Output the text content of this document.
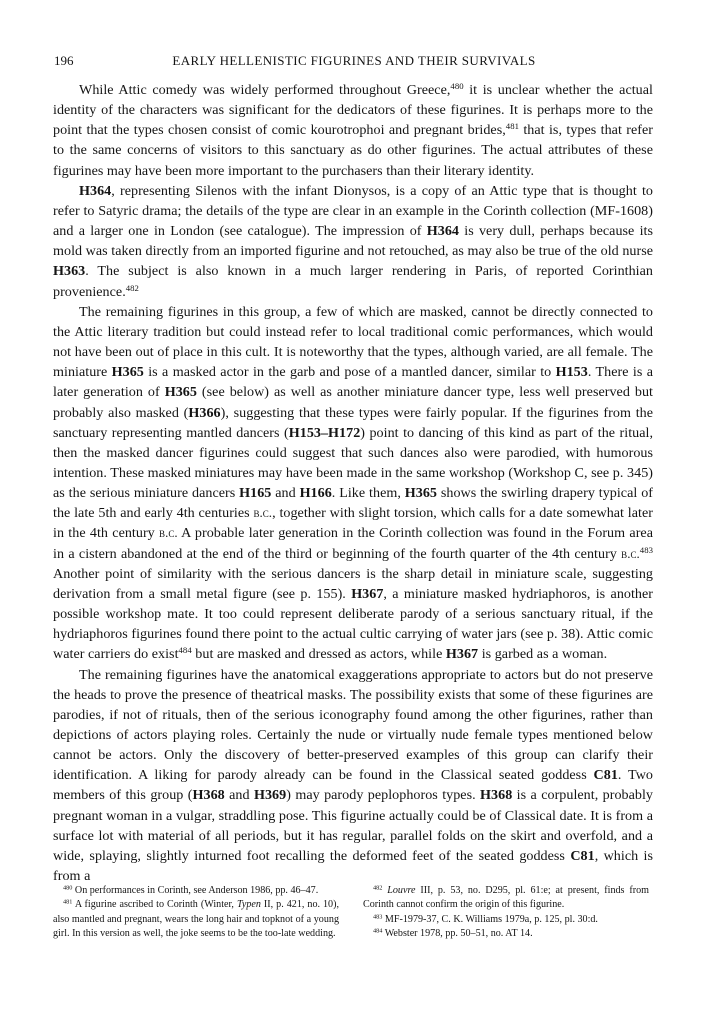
196	EARLY HELLENISTIC FIGURINES AND THEIR SURVIVALS

While Attic comedy was widely performed throughout Greece,$^{480}$ it is unclear whether the actual identity of the characters was significant for the dedicators of these figurines. It is perhaps more to the point that the types chosen consist of comic kourotrophoi and pregnant brides,$^{481}$ that is, types that refer to the same concerns of visitors to this sanctuary as do other figurines. The actual attributes of these figurines may have been more important to the purchasers than their literary identity.

H364, representing Silenos with the infant Dionysos, is a copy of an Attic type that is thought to refer to Satyric drama; the details of the type are clear in an example in the Corinth collection (MF-1608) and a larger one in London (see catalogue). The impression of H364 is very dull, perhaps because its mold was taken directly from an imported figurine and not retouched, as may also be true of the old nurse H363. The subject is also known in a much larger rendering in Paris, of reported Corinthian provenience.$^{482}$

The remaining figurines in this group, a few of which are masked, cannot be directly connected to the Attic literary tradition but could instead refer to local traditional comic performances, which would not have been out of place in this cult. It is noteworthy that the types, although varied, are all female. The miniature H365 is a masked actor in the garb and pose of a mantled dancer, similar to H153. There is a later generation of H365 (see below) as well as another miniature dancer type, less well preserved but probably also masked (H366), suggesting that these types were fairly popular. If the figurines from the sanctuary representing mantled dancers (H153–H172) point to dancing of this kind as part of the ritual, then the masked dancer figurines could suggest that such dances also were parodied, with humorous intention. These masked miniatures may have been made in the same workshop (Workshop C, see p. 345) as the serious miniature dancers H165 and H166. Like them, H365 shows the swirling drapery typical of the late 5th and early 4th centuries b.c., together with slight torsion, which calls for a date somewhat later in the 4th century b.c. A probable later generation in the Corinth collection was found in the Forum area in a cistern abandoned at the end of the third or beginning of the fourth quarter of the 4th century b.c.$^{483}$ Another point of similarity with the serious dancers is the sharp detail in miniature scale, suggesting derivation from a small metal figure (see p. 155). H367, a miniature masked hydriaphoros, is another possible workshop mate. It too could represent deliberate parody of a serious sanctuary ritual, if the hydriaphoros figurines found there point to the actual cultic carrying of water jars (see p. 38). Attic comic water carriers do exist$^{484}$ but are masked and dressed as actors, while H367 is garbed as a woman.

The remaining figurines have the anatomical exaggerations appropriate to actors but do not preserve the heads to prove the presence of theatrical masks. The possibility exists that some of these figurines are parodies, if not of rituals, then of the serious iconography found among the other figurines, rather than depictions of actors playing roles. Certainly the nude or virtually nude female types mentioned below cannot be actors. Only the discovery of better-preserved examples of this group can clarify their identification. A liking for parody already can be found in the Classical seated goddess C81. Two members of this group (H368 and H369) may parody peplophoros types. H368 is a corpulent, probably pregnant woman in a vulgar, straddling pose. This figurine actually could be of Classical date. It is from a surface lot with material of all periods, but it has regular, parallel folds on the skirt and overfold, and a wide, splaying, slightly inturned foot recalling the deformed feet of the seated goddess C81, which is from a

$^{480}$ On performances in Corinth, see Anderson 1986, pp. 46–47.

$^{481}$ A figurine ascribed to Corinth (Winter, Typen II, p. 421, no. 10), also mantled and pregnant, wears the long hair and topknot of a young girl. In this version as well, the joke seems to be the too-late wedding.

$^{482}$ Louvre III, p. 53, no. D295, pl. 61:e; at present, finds from Corinth cannot confirm the origin of this figurine.

$^{483}$ MF-1979-37, C. K. Williams 1979a, p. 125, pl. 30:d.

$^{484}$ Webster 1978, pp. 50–51, no. AT 14.
